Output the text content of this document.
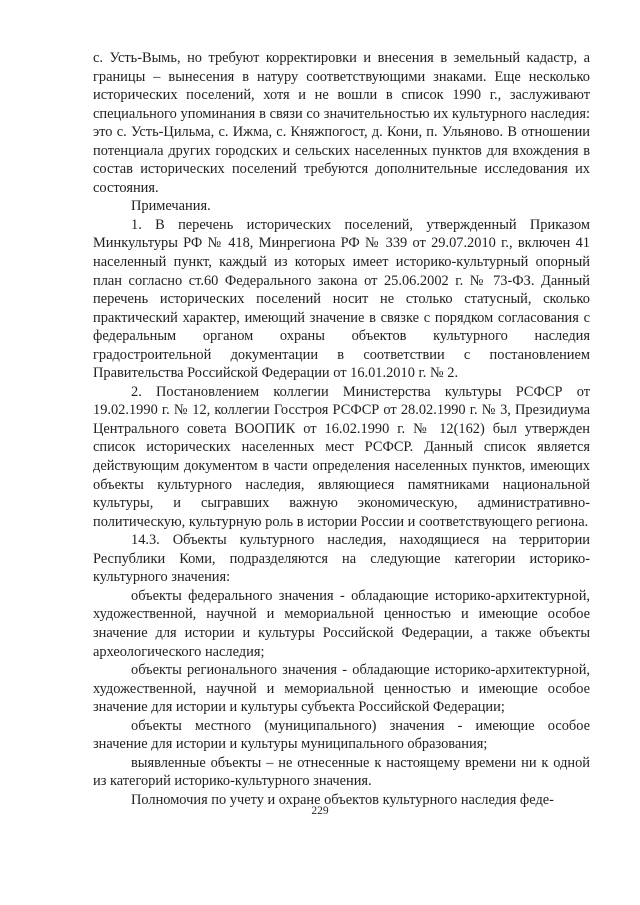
с. Усть-Вымь, но требуют корректировки и внесения в земельный кадастр, а границы – вынесения в натуру соответствующими знаками. Еще несколько исторических поселений, хотя и не вошли в список 1990 г., заслуживают специального упоминания в связи со значительностью их культурного наследия: это с. Усть-Цильма, с. Ижма, с. Княжпогост, д. Кони, п. Ульяново. В отношении потенциала других городских и сельских населенных пунктов для вхождения в состав исторических поселений требуются дополнительные исследования их состояния.

Примечания.

1. В перечень исторических поселений, утвержденный Приказом Минкультуры РФ № 418, Минрегиона РФ № 339 от 29.07.2010 г., включен 41 населенный пункт, каждый из которых имеет историко-культурный опорный план согласно ст.60 Федерального закона от 25.06.2002 г. № 73-ФЗ. Данный перечень исторических поселений носит не столько статусный, сколько практический характер, имеющий значение в связке с порядком согласования с федеральным органом охраны объектов культурного наследия градостроительной документации в соответствии с постановлением Правительства Российской Федерации от 16.01.2010 г. № 2.

2. Постановлением коллегии Министерства культуры РСФСР от 19.02.1990 г. № 12, коллегии Госстроя РСФСР от 28.02.1990 г. № 3, Президиума Центрального совета ВООПИК от 16.02.1990 г. № 12(162) был утвержден список исторических населенных мест РСФСР. Данный список является действующим документом в части определения населенных пунктов, имеющих объекты культурного наследия, являющиеся памятниками национальной культуры, и сыгравших важную экономическую, административно-политическую, культурную роль в истории России и соответствующего региона.

14.3. Объекты культурного наследия, находящиеся на территории Республики Коми, подразделяются на следующие категории историко-культурного значения:

объекты федерального значения - обладающие историко-архитектурной, художественной, научной и мемориальной ценностью и имеющие особое значение для истории и культуры Российской Федерации, а также объекты археологического наследия;

объекты регионального значения - обладающие историко-архитектурной, художественной, научной и мемориальной ценностью и имеющие особое значение для истории и культуры субъекта Российской Федерации;

объекты местного (муниципального) значения - имеющие особое значение для истории и культуры муниципального образования;

выявленные объекты – не отнесенные к настоящему времени ни к одной из категорий историко-культурного значения.

Полномочия по учету и охране объектов культурного наследия феде-

229
